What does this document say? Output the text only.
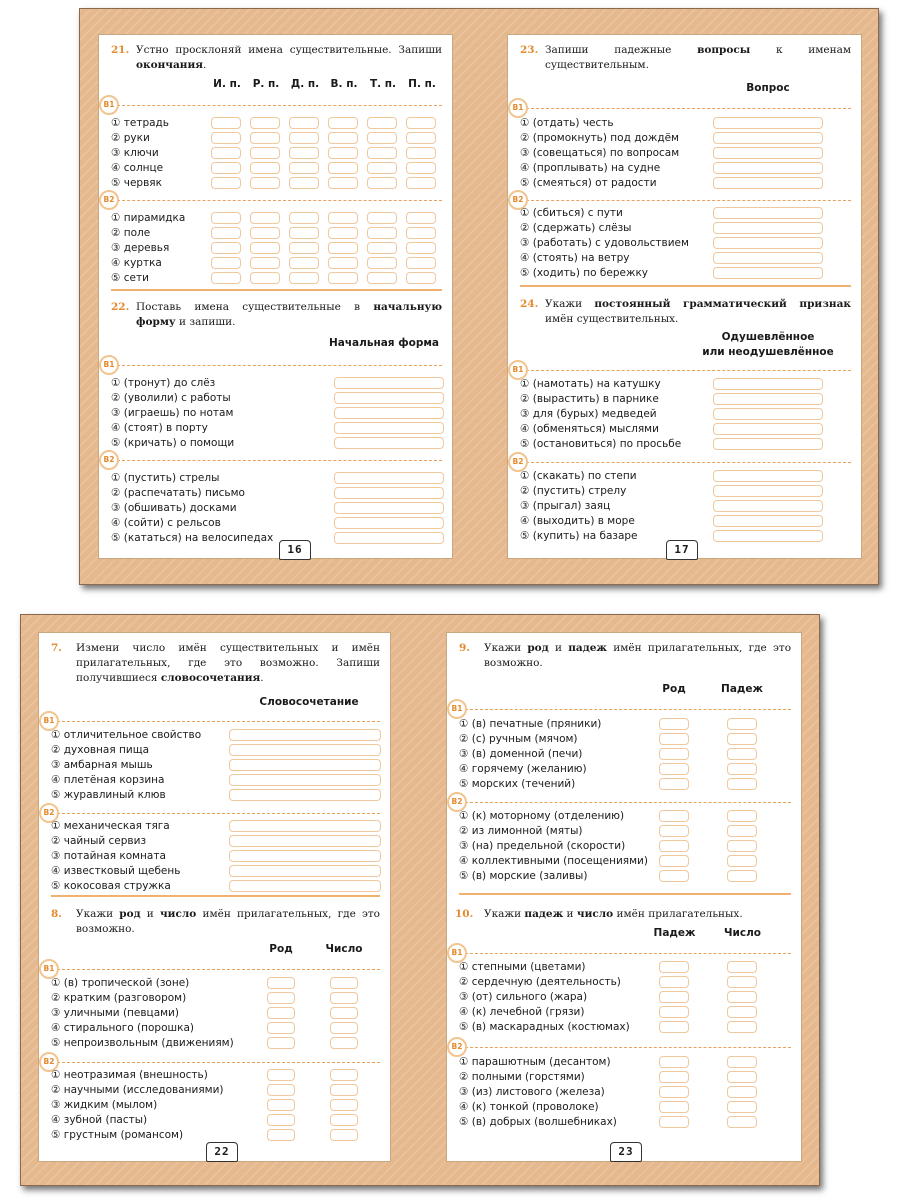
21. Устно просклоняй имена существительные. Запиши окончания.
И. п. Р. п. Д. п. В. п. Т. п. П. п.
В1
① тетрадь
② руки
③ ключи
④ солнце
⑤ червяк
В2
① пирамидка
② поле
③ деревья
④ куртка
⑤ сети
22. Поставь имена существительные в начальную форму и запиши.
Начальная форма
В1
① (тронут) до слёз
② (уволили) с работы
③ (играешь) по нотам
④ (стоят) в порту
⑤ (кричать) о помощи
В2
① (пустить) стрелы
② (распечатать) письмо
③ (обшивать) досками
④ (сойти) с рельсов
⑤ (кататься) на велосипедах
16
23. Запиши падежные вопросы к именам существительным.
Вопрос
В1
① (отдать) честь
② (промокнуть) под дождём
③ (совещаться) по вопросам
④ (проплывать) на судне
⑤ (смеяться) от радости
В2
① (сбиться) с пути
② (сдержать) слёзы
③ (работать) с удовольствием
④ (стоять) на ветру
⑤ (ходить) по бережку
24. Укажи постоянный грамматический признак имён существительных.
Одушевлённое
или неодушевлённое
В1
① (намотать) на катушку
② (вырастить) в парнике
③ для (бурых) медведей
④ (обменяться) мыслями
⑤ (остановиться) по просьбе
В2
① (скакать) по степи
② (пустить) стрелу
③ (прыгал) заяц
④ (выходить) в море
⑤ (купить) на базаре
17
7. Измени число имён существительных и имён прилагательных, где это возможно. Запиши получившиеся словосочетания.
Словосочетание
В1
① отличительное свойство
② духовная пища
③ амбарная мышь
④ плетёная корзина
⑤ журавлиный клюв
В2
① механическая тяга
② чайный сервиз
③ потайная комната
④ известковый щебень
⑤ кокосовая стружка
8. Укажи род и число имён прилагательных, где это возможно.
Род	Число
В1
① (в) тропической (зоне)
② кратким (разговором)
③ уличными (певцами)
④ стирального (порошка)
⑤ непроизвольным (движениям)
В2
① неотразимая (внешность)
② научными (исследованиями)
③ жидким (мылом)
④ зубной (пасты)
⑤ грустным (романсом)
22
9. Укажи род и падеж имён прилагательных, где это возможно.
Род	Падеж
В1
① (в) печатные (пряники)
② (с) ручным (мячом)
③ (в) доменной (печи)
④ горячему (желанию)
⑤ морских (течений)
В2
① (к) моторному (отделению)
② из лимонной (мяты)
③ (на) предельной (скорости)
④ коллективными (посещениями)
⑤ (в) морские (заливы)
10. Укажи падеж и число имён прилагательных.
Падеж	Число
В1
① степными (цветами)
② сердечную (деятельность)
③ (от) сильного (жара)
④ (к) лечебной (грязи)
⑤ (в) маскарадных (костюмах)
В2
① парашютным (десантом)
② полными (горстями)
③ (из) листового (железа)
④ (к) тонкой (проволоке)
⑤ (в) добрых (волшебниках)
23
